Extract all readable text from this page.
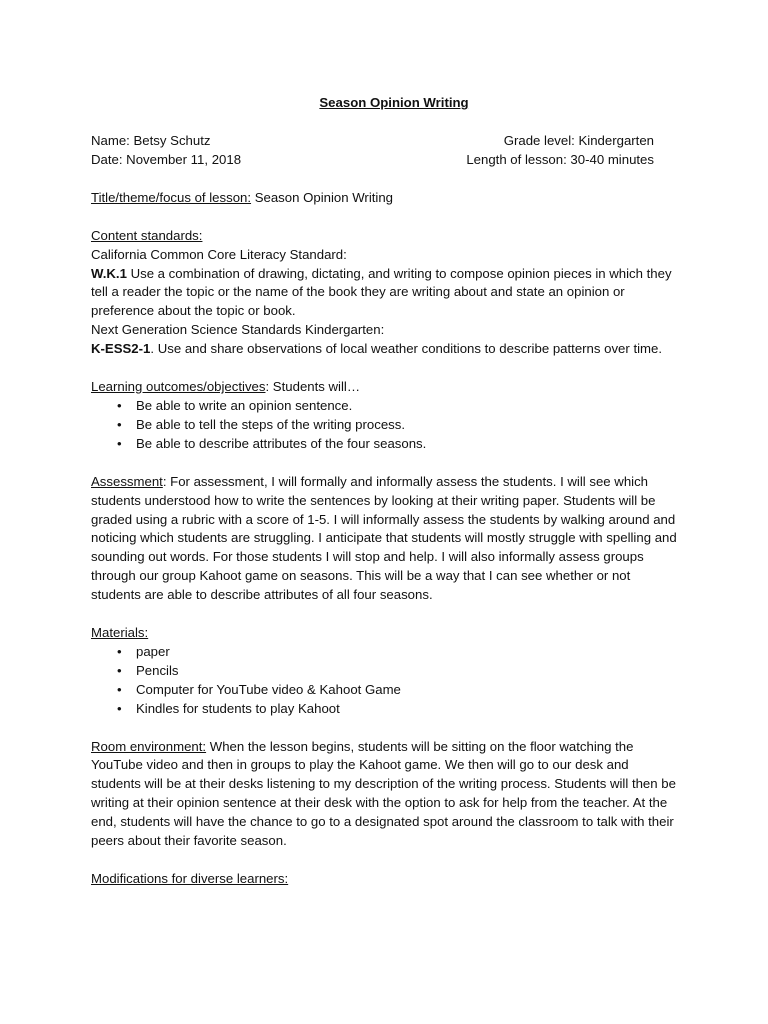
Season Opinion Writing
Name: Betsy Schutz	Grade level: Kindergarten
Date: November 11, 2018	Length of lesson: 30-40 minutes

Title/theme/focus of lesson: Season Opinion Writing

Content standards:

California Common Core Literacy Standard:

W.K.1 Use a combination of drawing, dictating, and writing to compose opinion pieces in which they tell a reader the topic or the name of the book they are writing about and state an opinion or preference about the topic or book.

Next Generation Science Standards Kindergarten:

K-ESS2-1. Use and share observations of local weather conditions to describe patterns over time.

Learning outcomes/objectives: Students will…

• Be able to write an opinion sentence.
• Be able to tell the steps of the writing process.
• Be able to describe attributes of the four seasons.

Assessment: For assessment, I will formally and informally assess the students. I will see which students understood how to write the sentences by looking at their writing paper. Students will be graded using a rubric with a score of 1-5. I will informally assess the students by walking around and noticing which students are struggling. I anticipate that students will mostly struggle with spelling and sounding out words. For those students I will stop and help. I will also informally assess groups through our group Kahoot game on seasons. This will be a way that I can see whether or not students are able to describe attributes of all four seasons.

Materials:

• paper
• Pencils
• Computer for YouTube video & Kahoot Game
• Kindles for students to play Kahoot

Room environment: When the lesson begins, students will be sitting on the floor watching the YouTube video and then in groups to play the Kahoot game. We then will go to our desk and students will be at their desks listening to my description of the writing process. Students will then be writing at their opinion sentence at their desk with the option to ask for help from the teacher. At the end, students will have the chance to go to a designated spot around the classroom to talk with their peers about their favorite season.

Modifications for diverse learners:
